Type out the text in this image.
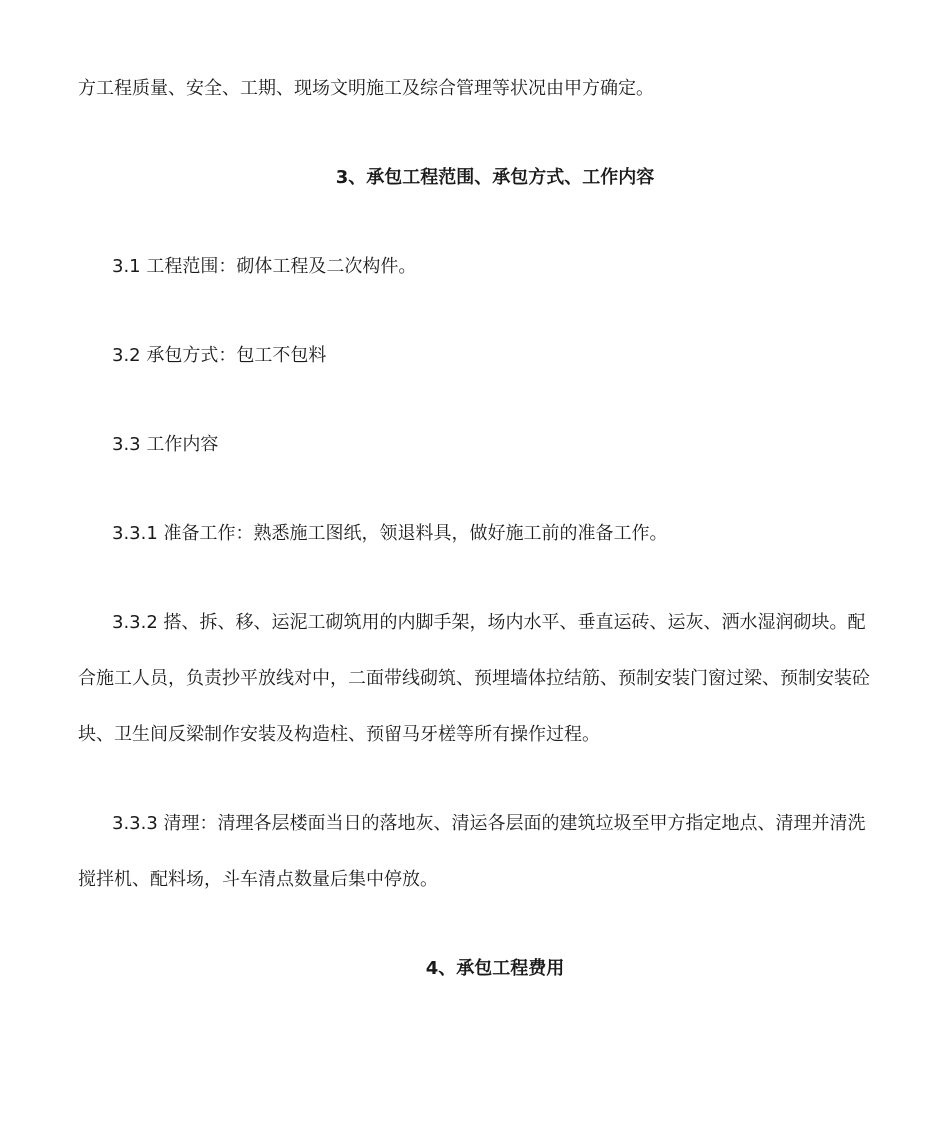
方工程质量、安全、工期、现场文明施工及综合管理等状况由甲方确定。
3、承包工程范围、承包方式、工作内容
3.1 工程范围：砌体工程及二次构件。
3.2 承包方式：包工不包料
3.3 工作内容
3.3.1 准备工作：熟悉施工图纸，领退料具，做好施工前的准备工作。
3.3.2 搭、拆、移、运泥工砌筑用的内脚手架，场内水平、垂直运砖、运灰、洒水湿润砌块。配
合施工人员，负责抄平放线对中，二面带线砌筑、预埋墙体拉结筋、预制安装门窗过梁、预制安装砼
块、卫生间反梁制作安装及构造柱、预留马牙槎等所有操作过程。
3.3.3 清理：清理各层楼面当日的落地灰、清运各层面的建筑垃圾至甲方指定地点、清理并清洗
搅拌机、配料场，斗车清点数量后集中停放。
4、承包工程费用
